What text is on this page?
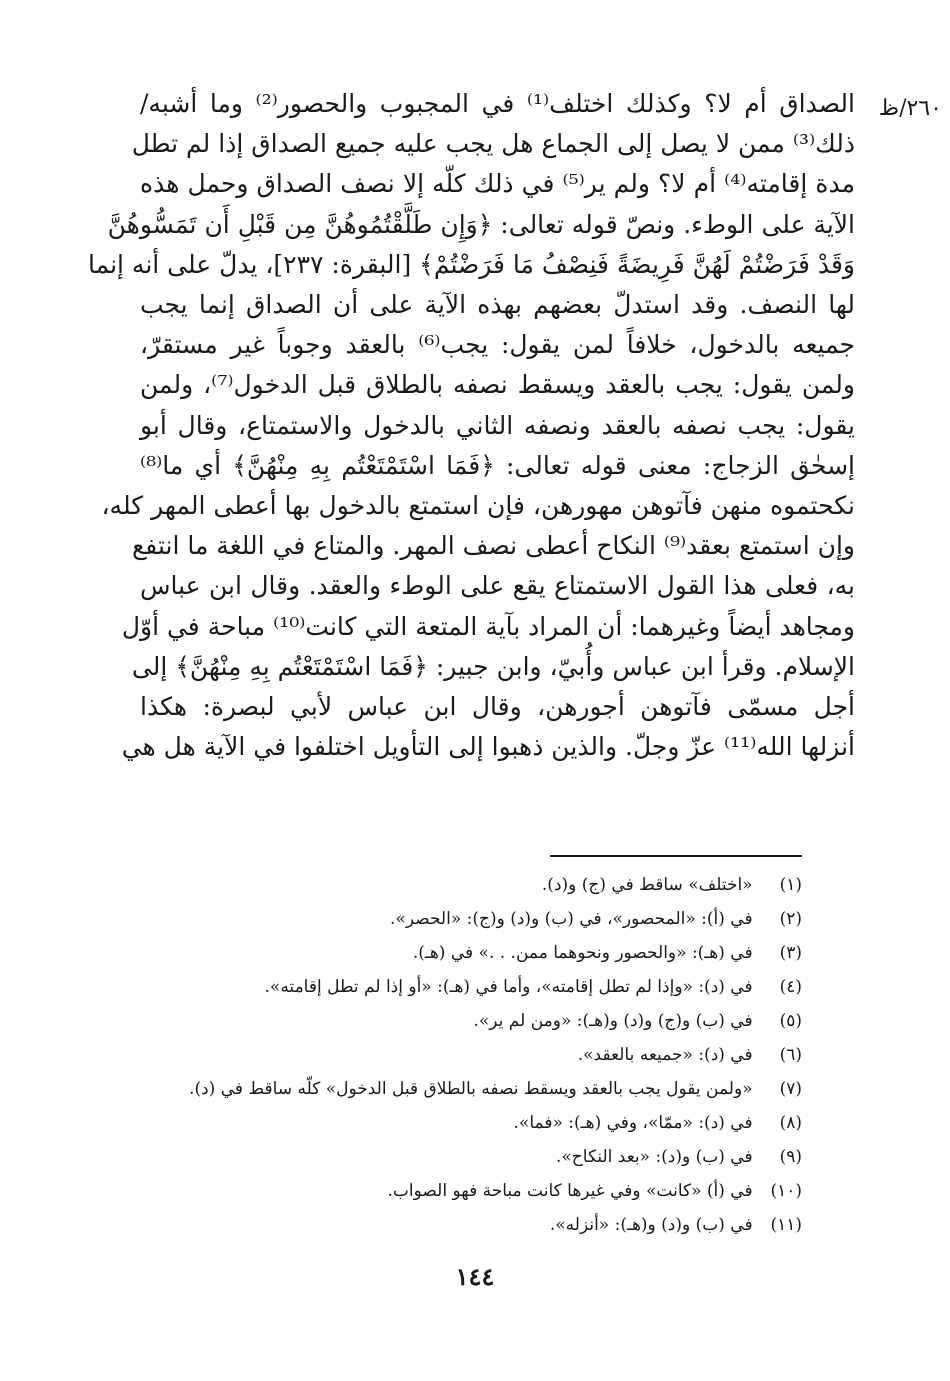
٢٦٠/ظ
الصداق أم لا؟ وكذلك اختلف⁽¹⁾ في المجبوب والحصور⁽²⁾ وما أشبه/
ذلك⁽³⁾ ممن لا يصل إلى الجماع هل يجب عليه جميع الصداق إذا لم تطل
مدة إقامته⁽⁴⁾ أم لا؟ ولم ير⁽⁵⁾ في ذلك كلّه إلا نصف الصداق وحمل هذه
الآية على الوطء. ونصّ قوله تعالى: ﴿وَإِن طَلَّقْتُمُوهُنَّ مِن قَبْلِ أَن تَمَسُّوهُنَّ
وَقَدْ فَرَضْتُمْ لَهُنَّ فَرِيضَةً فَنِصْفُ مَا فَرَضْتُمْ﴾ [البقرة: ٢٣٧]، يدلّ على أنه إنما
لها النصف. وقد استدلّ بعضهم بهذه الآية على أن الصداق إنما يجب
جميعه بالدخول، خلافاً لمن يقول: يجب⁽⁶⁾ بالعقد وجوباً غير مستقرّ،
ولمن يقول: يجب بالعقد ويسقط نصفه بالطلاق قبل الدخول⁽⁷⁾، ولمن
يقول: يجب نصفه بالعقد ونصفه الثاني بالدخول والاستمتاع، وقال أبو
إسحٰق الزجاج: معنى قوله تعالى: ﴿فَمَا اسْتَمْتَعْتُم بِهِ مِنْهُنَّ﴾ أي ما⁽⁸⁾
نكحتموه منهن فآتوهن مهورهن، فإن استمتع بالدخول بها أعطى المهر كله،
وإن استمتع بعقد⁽⁹⁾ النكاح أعطى نصف المهر. والمتاع في اللغة ما انتفع
به، فعلى هذا القول الاستمتاع يقع على الوطء والعقد. وقال ابن عباس
ومجاهد أيضاً وغيرهما: أن المراد بآية المتعة التي كانت⁽¹⁰⁾ مباحة في أوّل
الإسلام. وقرأ ابن عباس وأُبيّ، وابن جبير: ﴿فَمَا اسْتَمْتَعْتُم بِهِ مِنْهُنَّ﴾ إلى
أجل مسمّى فآتوهن أجورهن، وقال ابن عباس لأبي لبصرة: هكذا
أنزلها الله⁽¹¹⁾ عزّ وجلّ. والذين ذهبوا إلى التأويل اختلفوا في الآية هل هي
(١) «اختلف» ساقط في (ج) و(د).
(٢) في (أ): «المحصور»، في (ب) و(د) و(ج): «الحصر».
(٣) في (هـ): «والحصور ونحوهما ممن. . .» في (هـ).
(٤) في (د): «وإذا لم تطل إقامته»، وأما في (هـ): «أو إذا لم تطل إقامته».
(٥) في (ب) و(ج) و(د) و(هـ): «ومن لم ير».
(٦) في (د): «جميعه بالعقد».
(٧) «ولمن يقول يجب بالعقد ويسقط نصفه بالطلاق قبل الدخول» كلّه ساقط في (د).
(٨) في (د): «ممّا»، وفي (هـ): «فما».
(٩) في (ب) و(د): «بعد النكاح».
(١٠) في (أ) «كانت» وفي غيرها كانت مباحة فهو الصواب.
(١١) في (ب) و(د) و(هـ): «أنزله».
١٤٤
